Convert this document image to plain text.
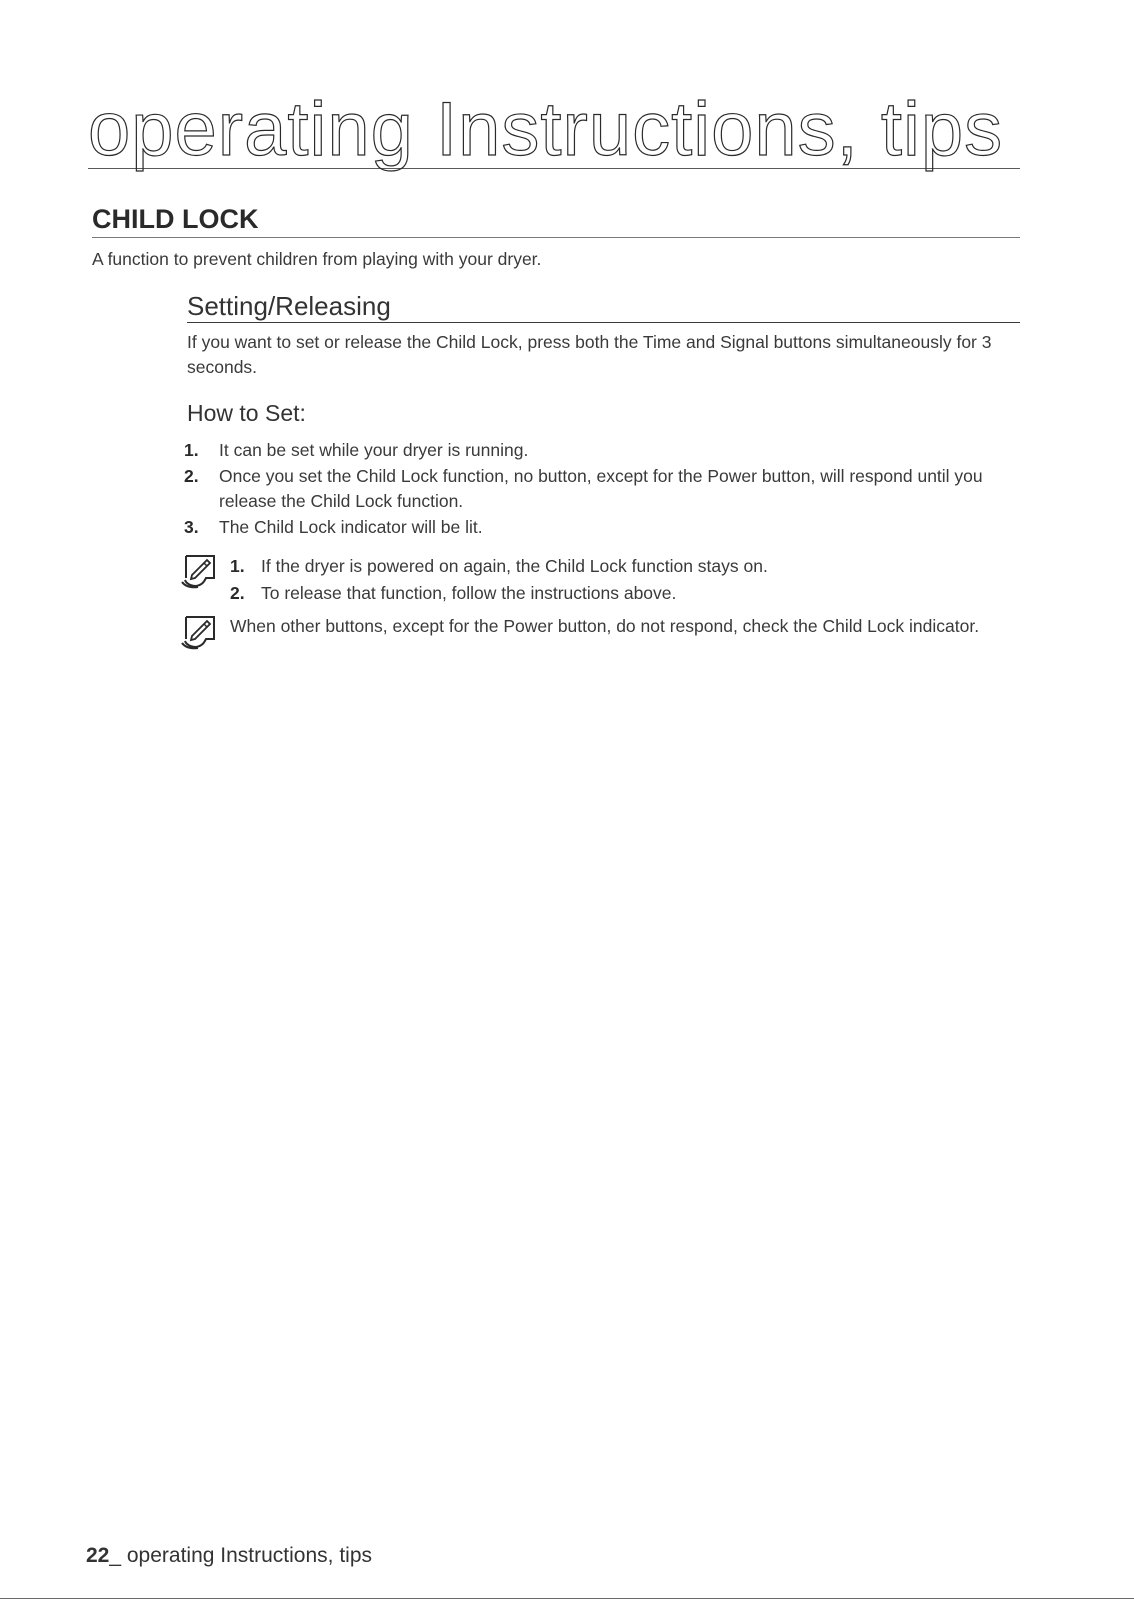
operating Instructions, tips
CHILD LOCK
A function to prevent children from playing with your dryer.
Setting/Releasing
If you want to set or release the Child Lock, press both the Time and Signal buttons simultaneously for 3 seconds.
How to Set:
1.	It can be set while your dryer is running.
2.	Once you set the Child Lock function, no button, except for the Power button, will respond until you release the Child Lock function.
3.	The Child Lock indicator will be lit.
1. If the dryer is powered on again, the Child Lock function stays on.
2. To release that function, follow the instructions above.
When other buttons, except for the Power button, do not respond, check the Child Lock indicator.
22_ operating Instructions, tips
